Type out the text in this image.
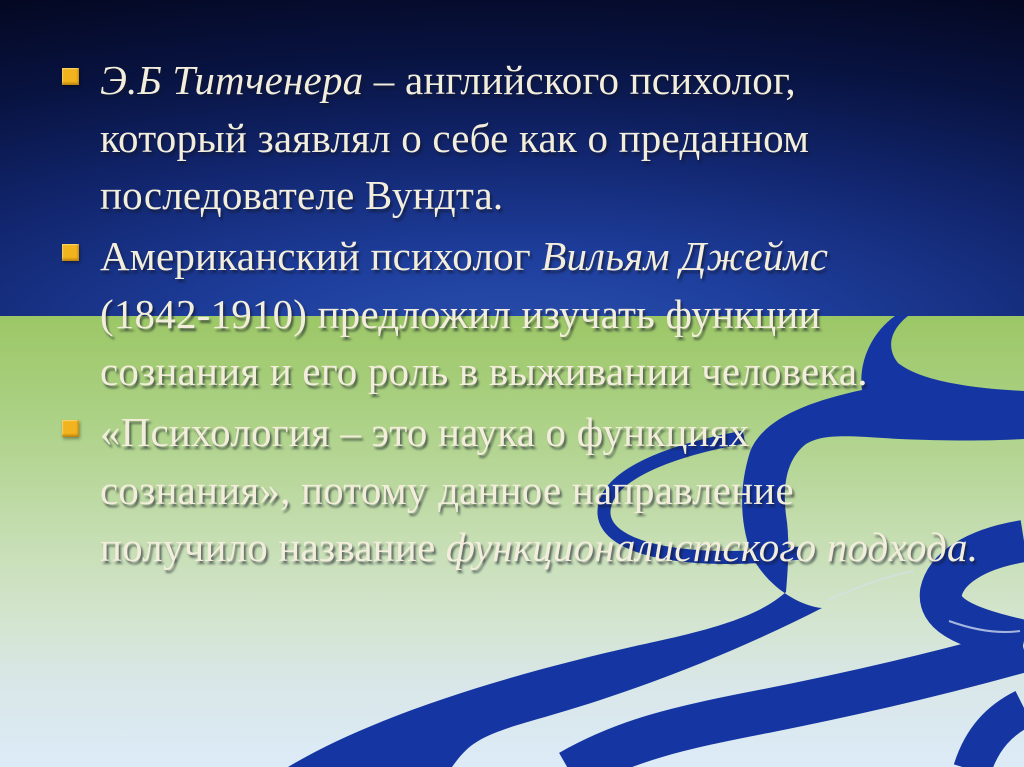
Э.Б Титченера – английского психолог,
который заявлял о себе как о преданном
последователе Вундта.
Американский психолог Вильям Джеймс
(1842-1910) предложил изучать функции
сознания и его роль в выживании человека.
«Психология – это наука о функциях
сознания», потому данное направление
получило название функционалистского подхода.
